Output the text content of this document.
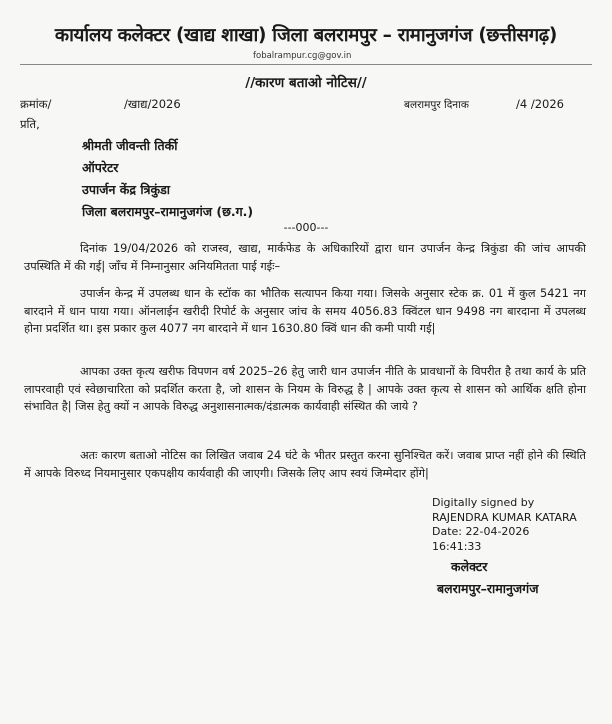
कार्यालय कलेक्टर (खाद्य शाखा) जिला बलरामपुर – रामानुजगंज (छत्तीसगढ़)
fobalrampur.cg@gov.in
//कारण बताओ नोटिस//
क्रमांक/	/खाद्य/2026	बलरामपुर दिनाक	/4 /2026
प्रति,
श्रीमती जीवन्ती तिर्की
ऑपरेटर
उपार्जन केंद्र त्रिकुंडा
जिला बलरामपुर–रामानुजगंज (छ.ग.)
---000---

दिनांक 19/04/2026 को राजस्व, खाद्य, मार्कफेड के अधिकारियों द्वारा धान उपार्जन केन्द्र त्रिकुंडा की जांच आपकी उपस्थिति में की गई| जाँच में निम्नानुसार अनियमितता पाई गईः–

उपार्जन केन्द्र में उपलब्ध धान के स्टॉक का भौतिक सत्यापन किया गया। जिसके अनुसार स्टेक क्र. 01 में कुल 5421 नग बारदाने में धान पाया गया। ऑनलाईन खरीदी रिपोर्ट के अनुसार जांच के समय 4056.83 क्विंटल धान 9498 नग बारदाना में उपलब्ध होना प्रदर्शित था। इस प्रकार कुल 4077 नग बारदाने में धान 1630.80 क्विं धान की कमी पायी गई|

आपका उक्त कृत्य खरीफ विपणन वर्ष 2025–26 हेतु जारी धान उपार्जन नीति के प्रावधानों के विपरीत है तथा कार्य के प्रति लापरवाही एवं स्वेछाचारिता को प्रदर्शित करता है, जो शासन के नियम के विरुद्ध है | आपके उक्त कृत्य से शासन को आर्थिक क्षति होना संभावित है| जिस हेतु क्यों न आपके विरुद्ध अनुशासनात्मक/दंडात्मक कार्यवाही संस्थित की जाये ?

अतः कारण बताओ नोटिस का लिखित जवाब 24 घंटे के भीतर प्रस्तुत करना सुनिश्चित करें। जवाब प्राप्त नहीं होने की स्थिति में आपके विरुध्द नियमानुसार एकपक्षीय कार्यवाही की जाएगी। जिसके लिए आप स्वयं जिम्मेदार होंगे|

Digitally signed by
RAJENDRA KUMAR KATARA
Date: 22-04-2026
16:41:33
कलेक्टर
बलरामपुर–रामानुजगंज
